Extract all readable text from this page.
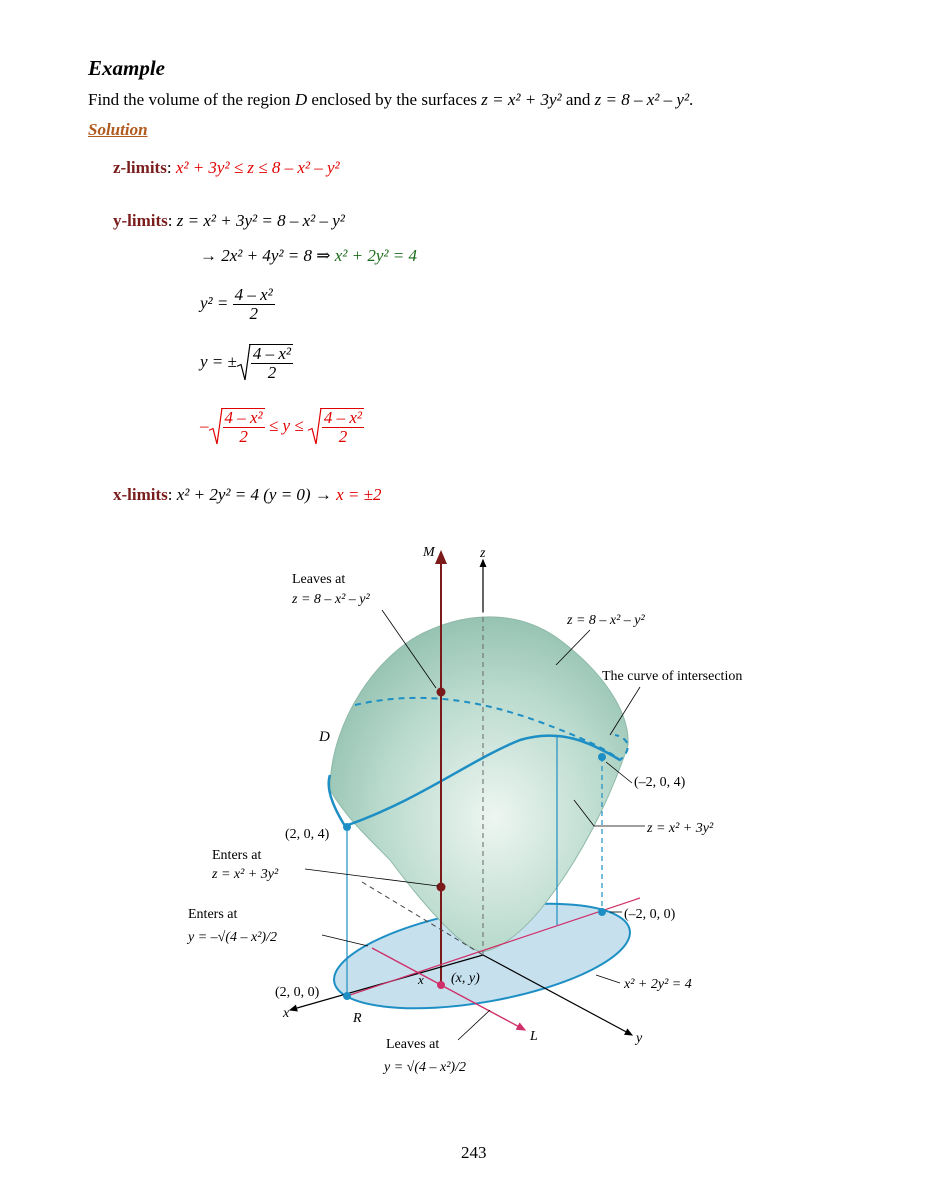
Example
Find the volume of the region D enclosed by the surfaces z = x² + 3y² and z = 8 – x² – y².
Solution
z-limits: x² + 3y² ≤ z ≤ 8 – x² – y²
y-limits: z = x² + 3y² = 8 – x² – y²
→ 2x² + 4y² = 8 ⇒ x² + 2y² = 4
$y^2 = \frac{\text{4 – x²}}{2}$
y = ± $\frac{\text{4 – x²}}{2}$
– $\frac{\text{4 – x²}}{2} \le y \le \frac{\text{4 – x²}}{2}$
x-limits: x² + 2y² = 4 (y = 0) → x = ±2
M	z
Leaves at
z = 8 – x² – y²
z = 8 – x² – y²
The curve of intersection
D
(–2, 0, 4)
(2, 0, 4)	z = x² + 3y²
Enters at
z = x² + 3y²
Enters at
y = –√(4 – x²)/2
(–2, 0, 0)
x (x, y)	x² + 2y² = 4
(2, 0, 0)
x	R
L	y
Leaves at
y = √(4 – x²)/2
243
